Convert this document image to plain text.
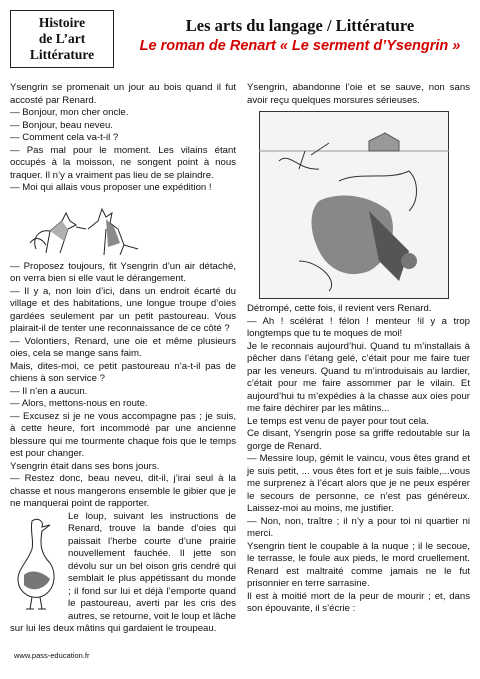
Histoire
de L’art
Littérature
Les arts du langage / Littérature
Le roman de Renart « Le serment d’Ysengrin »

Ysengrin se promenait un jour au bois quand il fut accosté par Renard.

— Bonjour, mon cher oncle.

— Bonjour, beau neveu.

— Comment cela va-t-il ?

— Pas mal pour le moment. Les vilains étant occupés à la moisson, ne songent point à nous traquer. Il n’y a vraiment pas lieu de se plaindre.

— Moi qui allais vous proposer une expédition !

— Proposez toujours, fit Ysengrin d’un air détaché, on verra bien si elle vaut le dérangement.

— Il y a, non loin d’ici, dans un endroit écarté du village et des habitations, une longue troupe d’oies gardées seulement par un petit pastoureau. Vous plairait-il de tenter une reconnaissance de ce côté ?

— Volontiers, Renard, une oie et même plusieurs oies, cela se mange sans faim.

Mais, dites-moi, ce petit pastoureau n’a-t-il pas de chiens à son service ?

— Il n’en a aucun.

— Alors, mettons-nous en route.

— Excusez si je ne vous accompagne pas ; je suis, à cette heure, fort incommodé par une ancienne blessure qui me tourmente chaque fois que le temps est pour changer.

Ysengrin était dans ses bons jours.

— Restez donc, beau neveu, dit-il, j’irai seul à la chasse et nous mangerons ensemble le gibier que je ne manquerai point de rapporter.

Le loup, suivant les instructions de Renard, trouve la bande d’oies qui paissait l’herbe courte d’une prairie nouvellement fauchée. Il jette son dévolu sur un bel oison gris cendré qui semblait le plus appétissant du monde ; il fond sur lui et déjà l’emporte quand le pastoureau, averti par les cris des autres, se retourne, voit le loup et lâche sur lui les deux mâtins qui gardaient le troupeau.

Ysengrin, abandonne l’oie et se sauve, non sans avoir reçu quelques morsures sérieuses.

Détrompé, cette fois, il revient vers Renard.

— Ah ! scélérat ! félon ! menteur !il y a trop longtemps que tu te moques de moi!

Je le reconnais aujourd’hui. Quand tu m’installais à pêcher dans l’étang gelé, c’était pour me faire tuer par les veneurs. Quand tu m’introduisais au lardier, c’était pour me faire assommer par le vilain. Et aujourd’hui tu m’expédies à la chasse aux oies pour me faire déchirer par les mâtins...

Le temps est venu de payer pour tout cela.

Ce disant, Ysengrin pose sa griffe redoutable sur la gorge de Renard.

— Messire loup, gémit le vaincu, vous êtes grand et je suis petit, ... vous êtes fort et je suis faible,...vous me surprenez à l’écart alors que je ne peux espérer le secours de personne, ce n’est pas généreux. Laissez-moi au moins, me justifier.

— Non, non, traître ; il n’y a pour toi ni quartier ni merci.

Ysengrin tient le coupable à la nuque ; il le secoue, le terrasse, le foule aux pieds, le mord cruellement. Renard est maltraité comme jamais ne le fut prisonnier en terre sarrasine.

Il est à moitié mort de la peur de mourir ; et, dans son épouvante, il s’écrie :

www.pass-education.fr
